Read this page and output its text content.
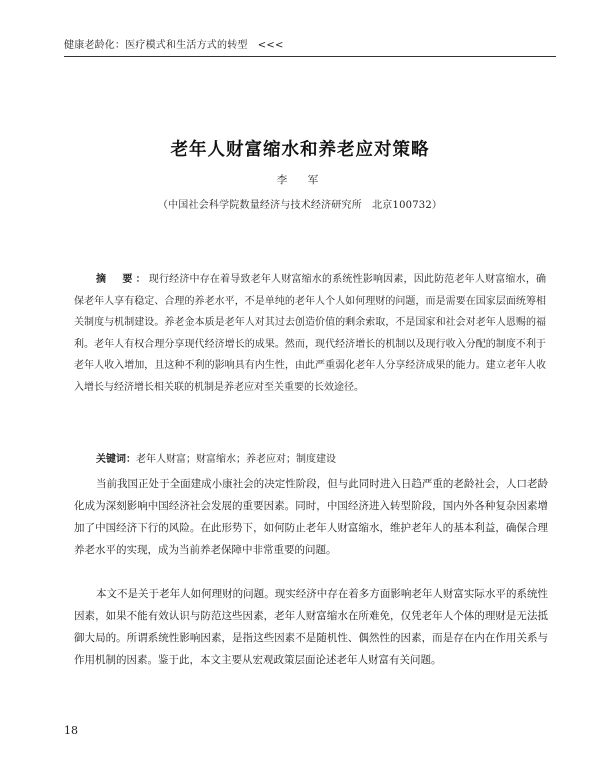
健康老龄化：医疗模式和生活方式的转型　<<<
老年人财富缩水和养老应对策略
李　军
（中国社会科学院数量经济与技术经济研究所　北京100732）

摘　要：现行经济中存在着导致老年人财富缩水的系统性影响因素，因此防范老年人财富缩水，确保老年人享有稳定、合理的养老水平，不是单纯的老年人个人如何理财的问题，而是需要在国家层面统筹相关制度与机制建设。养老金本质是老年人对其过去创造价值的剩余索取，不是国家和社会对老年人恩赐的福利。老年人有权合理分享现代经济增长的成果。然而，现代经济增长的机制以及现行收入分配的制度不利于老年人收入增加，且这种不利的影响具有内生性，由此严重弱化老年人分享经济成果的能力。建立老年人收入增长与经济增长相关联的机制是养老应对至关重要的长效途径。

关键词：老年人财富；财富缩水；养老应对；制度建设

当前我国正处于全面建成小康社会的决定性阶段，但与此同时进入日趋严重的老龄社会，人口老龄化成为深刻影响中国经济社会发展的重要因素。同时，中国经济进入转型阶段，国内外各种复杂因素增加了中国经济下行的风险。在此形势下，如何防止老年人财富缩水，维护老年人的基本利益，确保合理养老水平的实现，成为当前养老保障中非常重要的问题。

本文不是关于老年人如何理财的问题。现实经济中存在着多方面影响老年人财富实际水平的系统性因素，如果不能有效认识与防范这些因素，老年人财富缩水在所难免，仅凭老年人个体的理财是无法抵御大局的。所谓系统性影响因素，是指这些因素不是随机性、偶然性的因素，而是存在内在作用关系与作用机制的因素。鉴于此，本文主要从宏观政策层面论述老年人财富有关问题。

18
